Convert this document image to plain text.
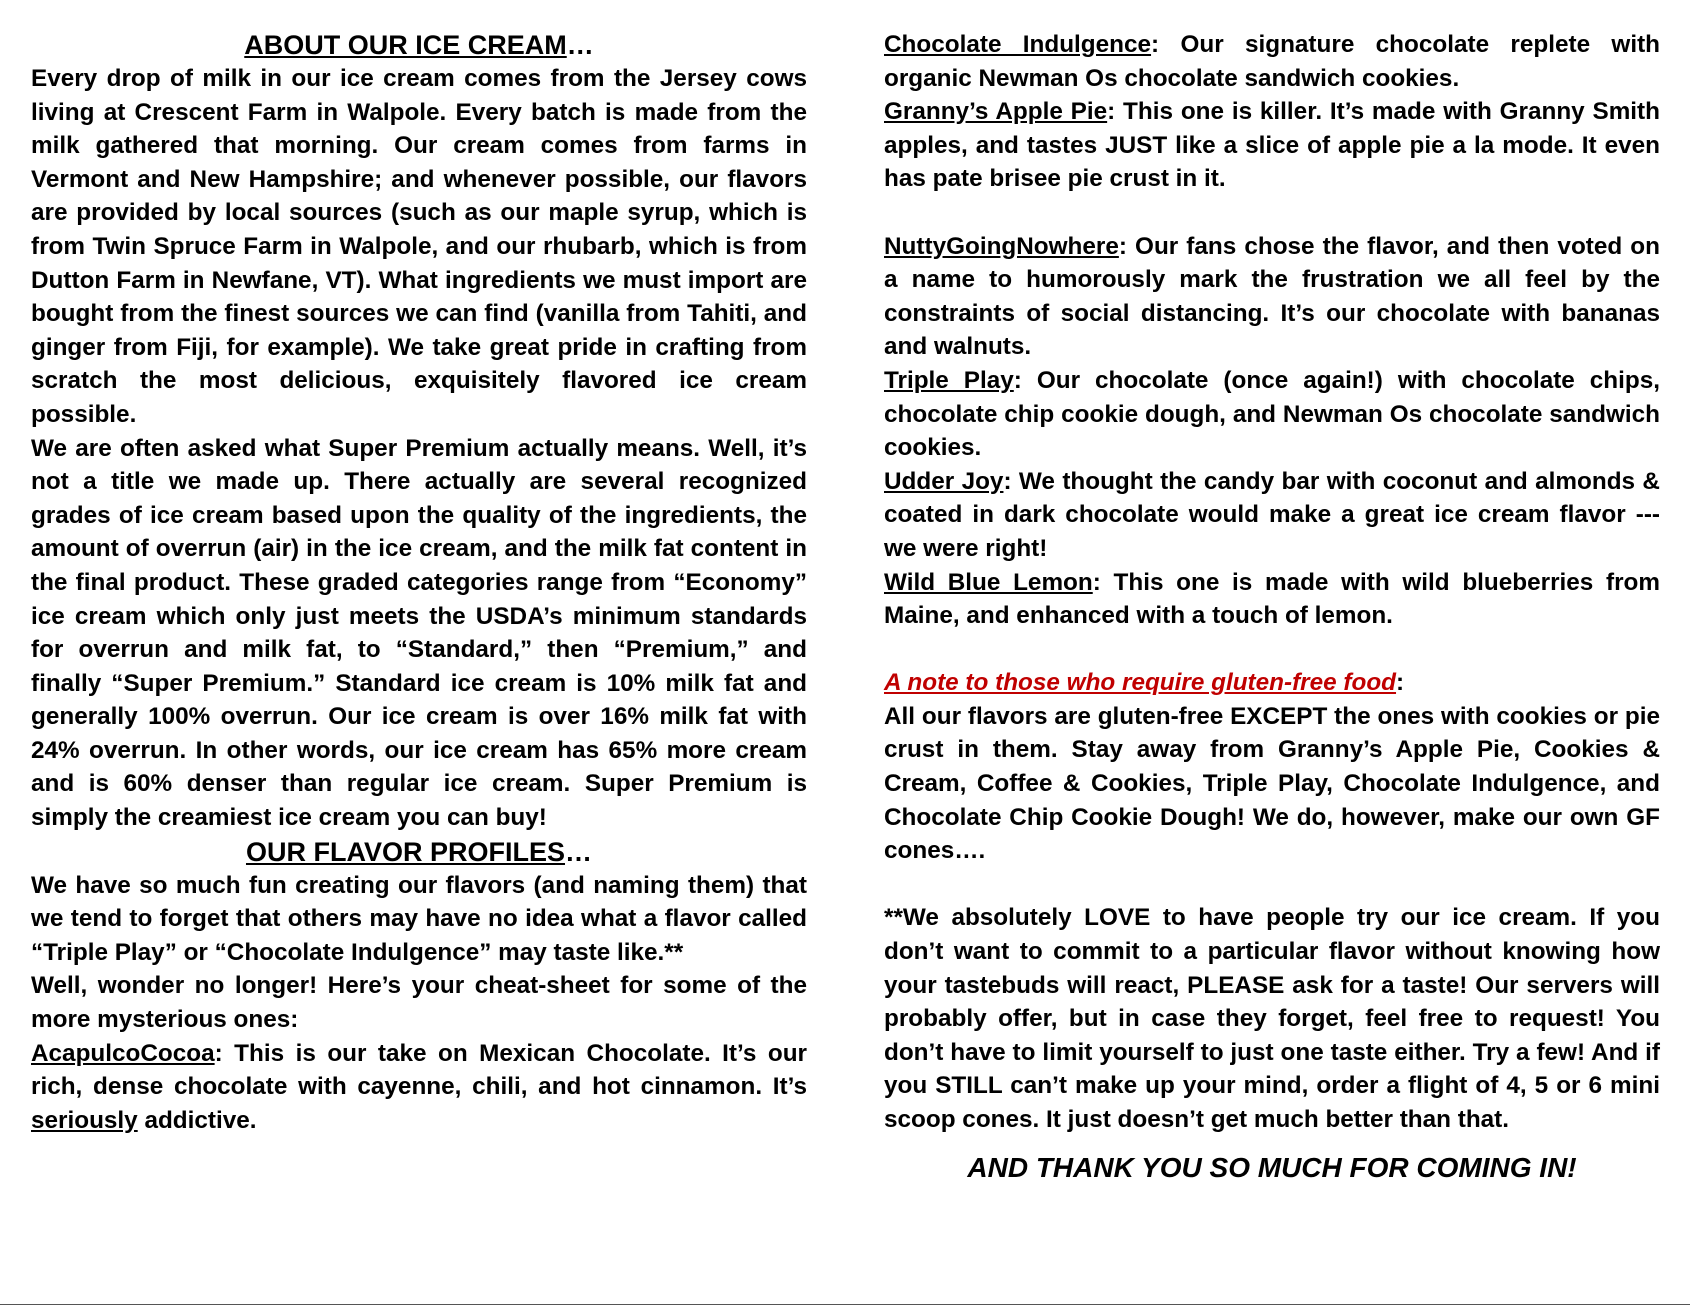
ABOUT OUR ICE CREAM…

Every drop of milk in our ice cream comes from the Jersey cows living at Crescent Farm in Walpole. Every batch is made from the milk gathered that morning. Our cream comes from farms in Vermont and New Hampshire; and whenever possible, our flavors are provided by local sources (such as our maple syrup, which is from Twin Spruce Farm in Walpole, and our rhubarb, which is from Dutton Farm in Newfane, VT). What ingredients we must import are bought from the finest sources we can find (vanilla from Tahiti, and ginger from Fiji, for example). We take great pride in crafting from scratch the most delicious, exquisitely flavored ice cream possible.

We are often asked what Super Premium actually means. Well, it’s not a title we made up. There actually are several recognized grades of ice cream based upon the quality of the ingredients, the amount of overrun (air) in the ice cream, and the milk fat content in the final product. These graded categories range from “Economy” ice cream which only just meets the USDA’s minimum standards for overrun and milk fat, to “Standard,” then “Premium,” and finally “Super Premium.” Standard ice cream is 10% milk fat and generally 100% overrun. Our ice cream is over 16% milk fat with 24% overrun. In other words, our ice cream has 65% more cream and is 60% denser than regular ice cream. Super Premium is simply the creamiest ice cream you can buy!

OUR FLAVOR PROFILES…

We have so much fun creating our flavors (and naming them) that we tend to forget that others may have no idea what a flavor called “Triple Play” or “Chocolate Indulgence” may taste like.**

Well, wonder no longer! Here’s your cheat-sheet for some of the more mysterious ones:

AcapulcoCocoa: This is our take on Mexican Chocolate. It’s our rich, dense chocolate with cayenne, chili, and hot cinnamon. It’s seriously addictive.

Chocolate Indulgence: Our signature chocolate replete with organic Newman Os chocolate sandwich cookies.

Granny’s Apple Pie: This one is killer. It’s made with Granny Smith apples, and tastes JUST like a slice of apple pie a la mode. It even has pate brisee pie crust in it.

NuttyGoingNowhere: Our fans chose the flavor, and then voted on a name to humorously mark the frustration we all feel by the constraints of social distancing. It’s our chocolate with bananas and walnuts.

Triple Play: Our chocolate (once again!) with chocolate chips, chocolate chip cookie dough, and Newman Os chocolate sandwich cookies.

Udder Joy: We thought the candy bar with coconut and almonds & coated in dark chocolate would make a great ice cream flavor --- we were right!

Wild Blue Lemon: This one is made with wild blueberries from Maine, and enhanced with a touch of lemon.

A note to those who require gluten-free food:

All our flavors are gluten-free EXCEPT the ones with cookies or pie crust in them. Stay away from Granny’s Apple Pie, Cookies & Cream, Coffee & Cookies, Triple Play, Chocolate Indulgence, and Chocolate Chip Cookie Dough! We do, however, make our own GF cones….

**We absolutely LOVE to have people try our ice cream. If you don’t want to commit to a particular flavor without knowing how your tastebuds will react, PLEASE ask for a taste! Our servers will probably offer, but in case they forget, feel free to request! You don’t have to limit yourself to just one taste either. Try a few! And if you STILL can’t make up your mind, order a flight of 4, 5 or 6 mini scoop cones. It just doesn’t get much better than that.

AND THANK YOU SO MUCH FOR COMING IN!
